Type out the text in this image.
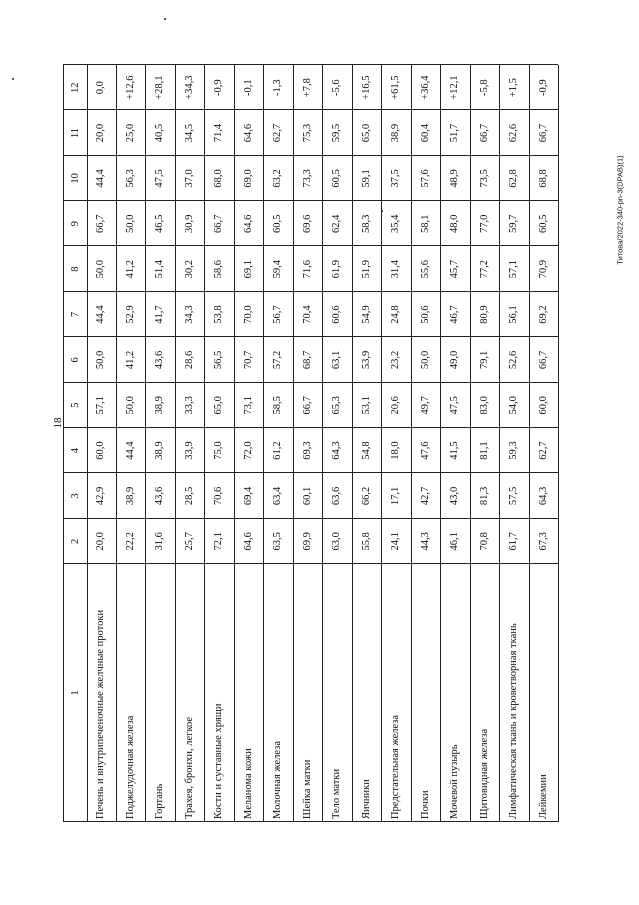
18
Титова/2022-340-pn-3(DPAB)(1)
1
2
3
4
5
6
7
8
9
10
11
12
Печень и внутрипеченочные желчные протоки
20,0
42,9
60,0
57,1
50,0
44,4
50,0
66,7
44,4
20,0
0,0
Поджелудочная железа
22,2
38,9
44,4
50,0
41,2
52,9
41,2
50,0
56,3
25,0
+12,6
Гортань
31,6
43,6
38,9
38,9
43,6
41,7
51,4
46,5
47,5
40,5
+28,1
Трахея, бронхи, легкое
25,7
28,5
33,9
33,3
28,6
34,3
30,2
30,9
37,0
34,5
+34,3
Кости и суставные хрящи
72,1
70,6
75,0
65,0
56,5
53,8
58,6
66,7
68,0
71,4
-0,9
Меланома кожи
64,6
69,4
72,0
73,1
70,7
70,0
69,1
64,6
69,0
64,6
-0,1
Молочная железа
63,5
63,4
61,2
58,5
57,2
56,7
59,4
60,5
63,2
62,7
-1,3
Шейка матки
69,9
60,1
69,3
66,7
68,7
70,4
71,6
69,6
73,3
75,3
+7,8
Тело матки
63,0
63,6
64,3
65,3
63,1
60,6
61,9
62,4
60,5
59,5
-5,6
Яичники
55,8
66,2
54,8
53,1
53,9
54,9
51,9
58,3
59,1
65,0
+16,5
Предстательная железа
24,1
17,1
18,0
20,6
23,2
24,8
31,4
35,4
37,5
38,9
+61,5
Почки
44,3
42,7
47,6
49,7
50,0
50,6
55,6
58,1
57,6
60,4
+36,4
Мочевой пузырь
46,1
43,0
41,5
47,5
49,0
46,7
45,7
48,0
48,9
51,7
+12,1
Щитовидная железа
70,8
81,3
81,1
83,0
79,1
80,9
77,2
77,0
73,5
66,7
-5,8
Лимфатическая ткань и кроветворная ткань
61,7
57,5
59,3
54,0
52,6
56,1
57,1
59,7
62,8
62,6
+1,5
Лейкемии
67,3
64,3
62,7
60,0
66,7
69,2
70,9
60,5
68,8
66,7
-0,9
